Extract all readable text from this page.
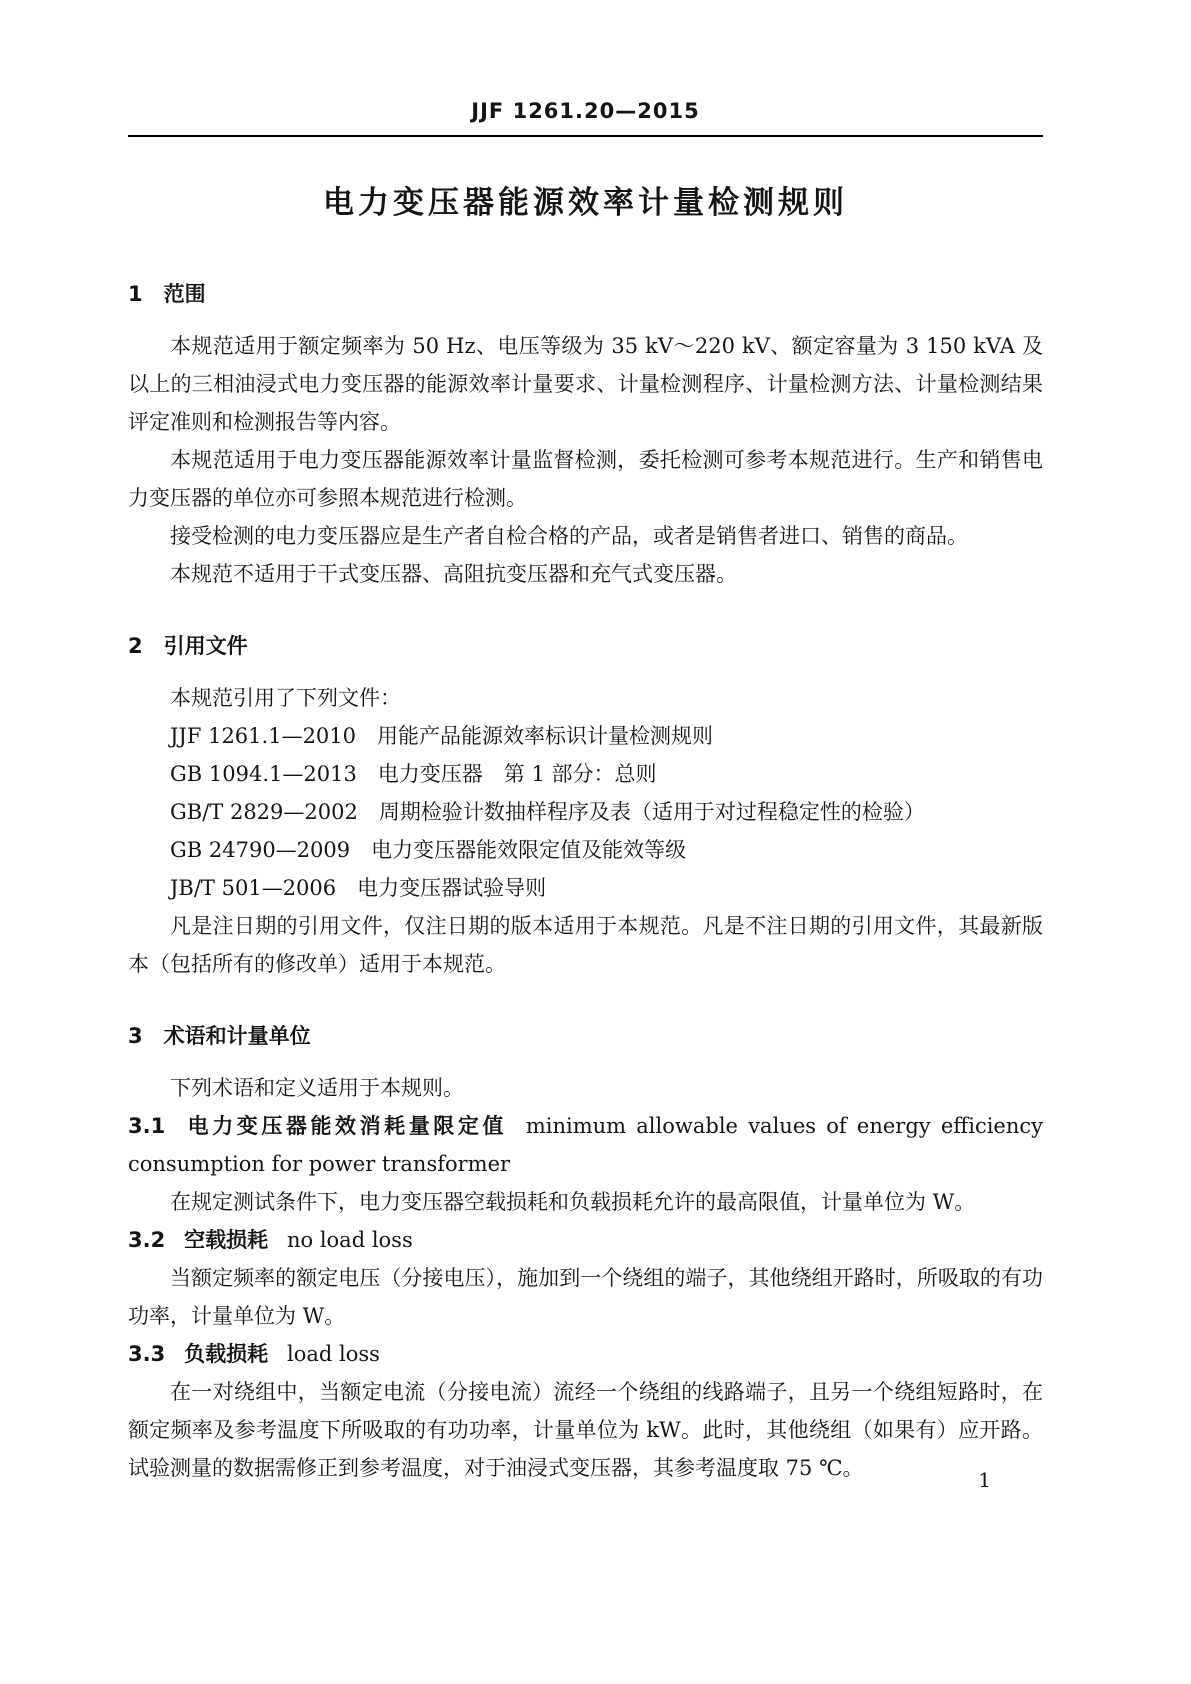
JJF 1261.20—2015
电力变压器能源效率计量检测规则
1 范围

本规范适用于额定频率为 50 Hz、电压等级为 35 kV～220 kV、额定容量为 3 150 kVA 及以上的三相油浸式电力变压器的能源效率计量要求、计量检测程序、计量检测方法、计量检测结果评定准则和检测报告等内容。

本规范适用于电力变压器能源效率计量监督检测，委托检测可参考本规范进行。生产和销售电力变压器的单位亦可参照本规范进行检测。

接受检测的电力变压器应是生产者自检合格的产品，或者是销售者进口、销售的商品。

本规范不适用于干式变压器、高阻抗变压器和充气式变压器。

2 引用文件

本规范引用了下列文件：

JJF 1261.1—2010 用能产品能源效率标识计量检测规则

GB 1094.1—2013 电力变压器　第 1 部分：总则

GB/T 2829—2002 周期检验计数抽样程序及表（适用于对过程稳定性的检验）

GB 24790—2009 电力变压器能效限定值及能效等级

JB/T 501—2006 电力变压器试验导则

凡是注日期的引用文件，仅注日期的版本适用于本规范。凡是不注日期的引用文件，其最新版本（包括所有的修改单）适用于本规范。

3 术语和计量单位

下列术语和定义适用于本规则。

3.1 电力变压器能效消耗量限定值 minimum allowable values of energy efficiency consumption for power transformer

在规定测试条件下，电力变压器空载损耗和负载损耗允许的最高限值，计量单位为 W。

3.2 空载损耗 no load loss

当额定频率的额定电压（分接电压），施加到一个绕组的端子，其他绕组开路时，所吸取的有功功率，计量单位为 W。

3.3 负载损耗 load loss

在一对绕组中，当额定电流（分接电流）流经一个绕组的线路端子，且另一个绕组短路时，在额定频率及参考温度下所吸取的有功功率，计量单位为 kW。此时，其他绕组（如果有）应开路。试验测量的数据需修正到参考温度，对于油浸式变压器，其参考温度取 75 ℃。	1
